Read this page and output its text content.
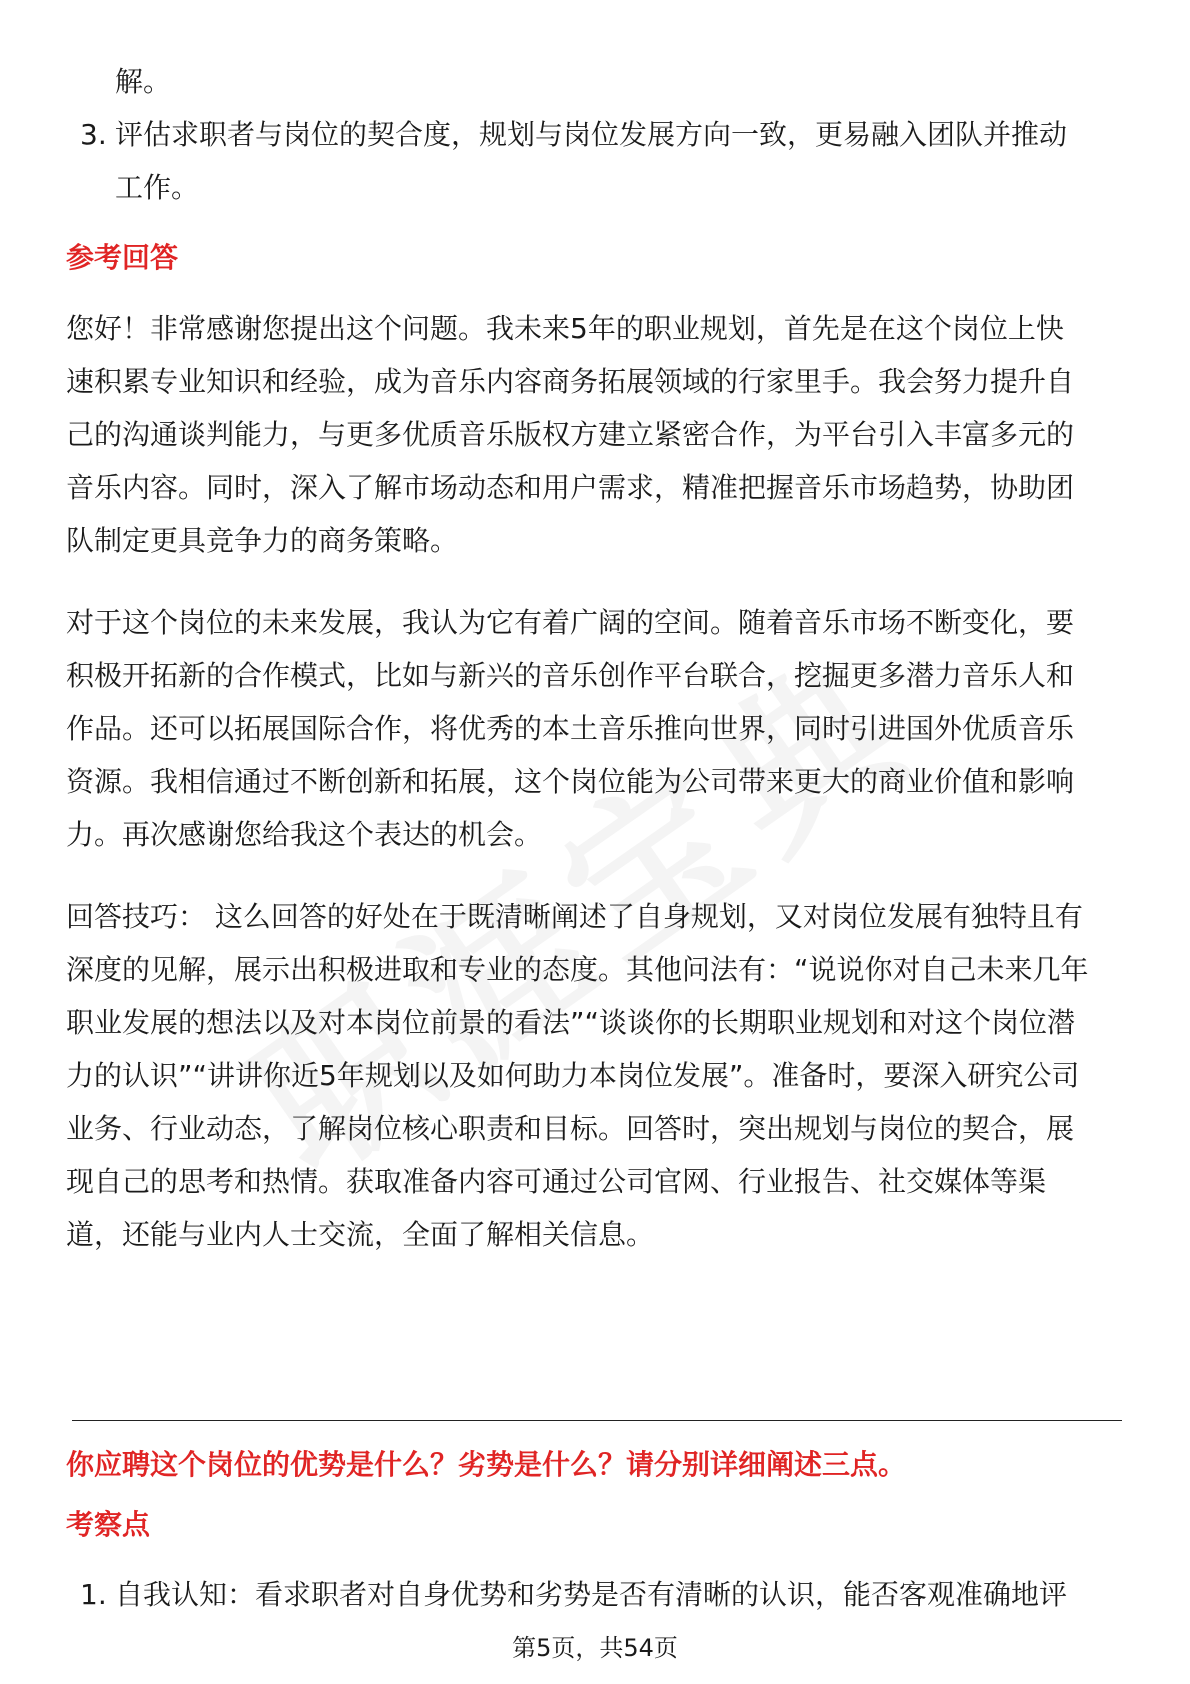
解。
3. 评估求职者与岗位的契合度，规划与岗位发展方向一致，更易融入团队并推动
工作。
参考回答
您好！非常感谢您提出这个问题。我未来5年的职业规划，首先是在这个岗位上快
速积累专业知识和经验，成为音乐内容商务拓展领域的行家里手。我会努力提升自
己的沟通谈判能力，与更多优质音乐版权方建立紧密合作，为平台引入丰富多元的
音乐内容。同时，深入了解市场动态和用户需求，精准把握音乐市场趋势，协助团
队制定更具竞争力的商务策略。
对于这个岗位的未来发展，我认为它有着广阔的空间。随着音乐市场不断变化，要
积极开拓新的合作模式，比如与新兴的音乐创作平台联合，挖掘更多潜力音乐人和
作品。还可以拓展国际合作，将优秀的本土音乐推向世界，同时引进国外优质音乐
资源。我相信通过不断创新和拓展，这个岗位能为公司带来更大的商业价值和影响
力。再次感谢您给我这个表达的机会。
回答技巧： 这么回答的好处在于既清晰阐述了自身规划，又对岗位发展有独特且有
深度的见解，展示出积极进取和专业的态度。其他问法有：“说说你对自己未来几年
职业发展的想法以及对本岗位前景的看法”“谈谈你的长期职业规划和对这个岗位潜
力的认识”“讲讲你近5年规划以及如何助力本岗位发展”。准备时，要深入研究公司
业务、行业动态，了解岗位核心职责和目标。回答时，突出规划与岗位的契合，展
现自己的思考和热情。获取准备内容可通过公司官网、行业报告、社交媒体等渠
道，还能与业内人士交流，全面了解相关信息。
你应聘这个岗位的优势是什么？劣势是什么？请分别详细阐述三点。
考察点
1. 自我认知：看求职者对自身优势和劣势是否有清晰的认识，能否客观准确地评
第5页，共54页
